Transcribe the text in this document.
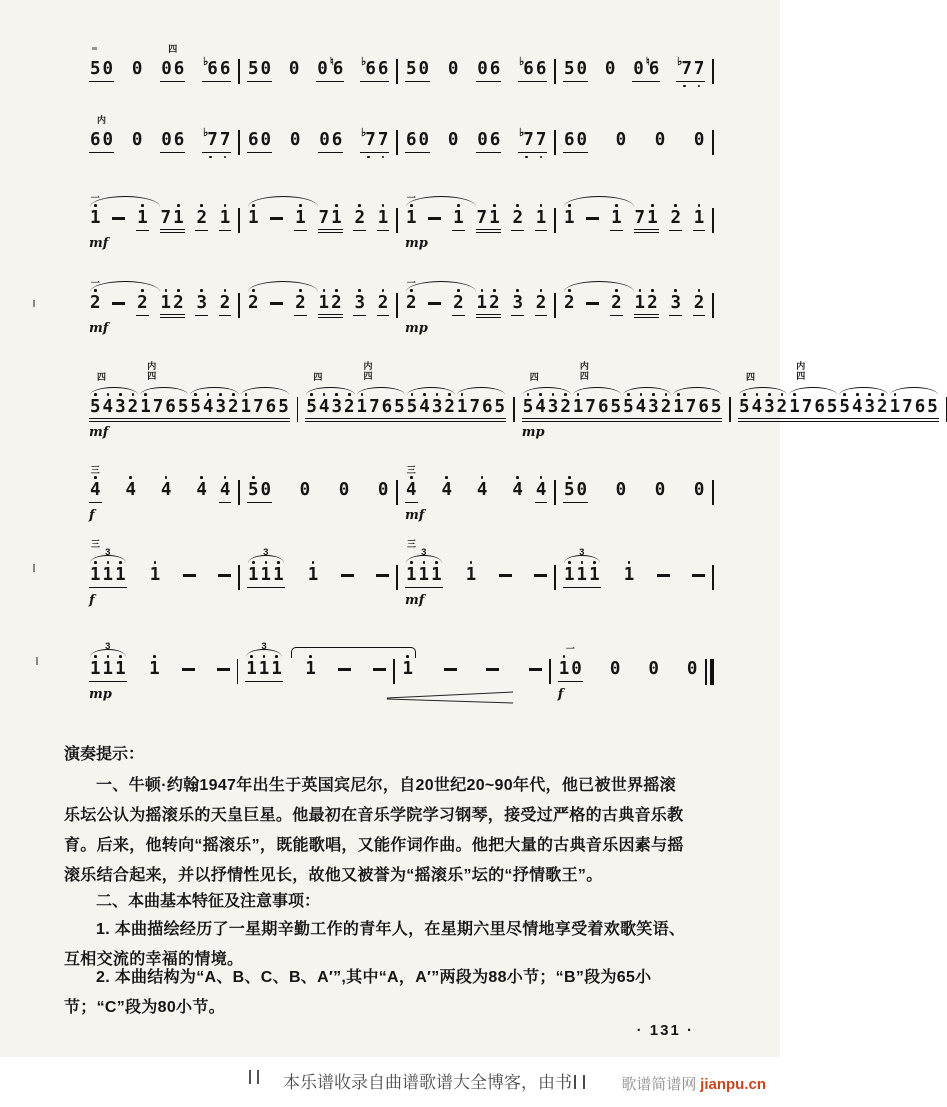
5 0 0 0 6
四
♭ 6 6 5 0 0 0 ♮ 6 ♭ 6 6 5 0 0 0 6 ♭ 6 6 5 0 0 0 ♮ 6 ♭ 7 7
6 0
内
0 0 6 ♭ 7 7 6 0 0 0 6 ♭ 7 7 6 0 0 0 6 ♭ 7 7 6 0 0 0 0
1
一
1 7 1 2 1
mf
1 1 7 1 2 1 1
一
1 7 1 2 1
mp
1 1 7 1 2 1
2
一
2 1 2 3 2
mf
2 2 1 2 3 2 2
一
2 1 2 3 2
mp
2 2 1 2 3 2
5 4 3 2
四
1 7 6 5
内
四
5 4 3 2 1 7 6 5
mf
5 4 3 2
四
1 7 6 5
内
四
5 4 3 2 1 7 6 5 5 4 3 2
四
1 7 6 5
内
四
5 4 3 2 1 7 6 5
mp
5 4 3 2
四
1 7 6 5
内
四
5 4 3 2 1 7 6 5
4
三
4 4 4 4
f
5 0 0 0 0 4
三
4 4 4 4
mf
5 0 0 0 0
1 1 1
3
三
1
f
1 1 1
3
1	1 1 1
3
三
1
mf
1 1 1
3
1
1 1 1
3
1
mp
1 1 1
3
1	1	1 0
一
0 0 0
f
演奏提示：
一、牛顿·约翰1947年出生于英国宾尼尔，自20世纪20~90年代，他已被世界摇滚
乐坛公认为摇滚乐的天皇巨星。他最初在音乐学院学习钢琴，接受过严格的古典音乐教
育。后来，他转向“摇滚乐”，既能歌唱，又能作词作曲。他把大量的古典音乐因素与摇
滚乐结合起来，并以抒情性见长，故他又被誉为“摇滚乐”坛的“抒情歌王”。
二、本曲基本特征及注意事项：
1. 本曲描绘经历了一星期辛勤工作的青年人，在星期六里尽情地享受着欢歌笑语、
互相交流的幸福的情境。
2. 本曲结构为“A、B、C、B、A′”,其中“A，A′”两段为88小节；“B”段为65小
节；“C”段为80小节。
· 131 ·
本乐谱收录自曲谱歌谱大全博客，由书	歌谱简谱网 jianpu.cn
